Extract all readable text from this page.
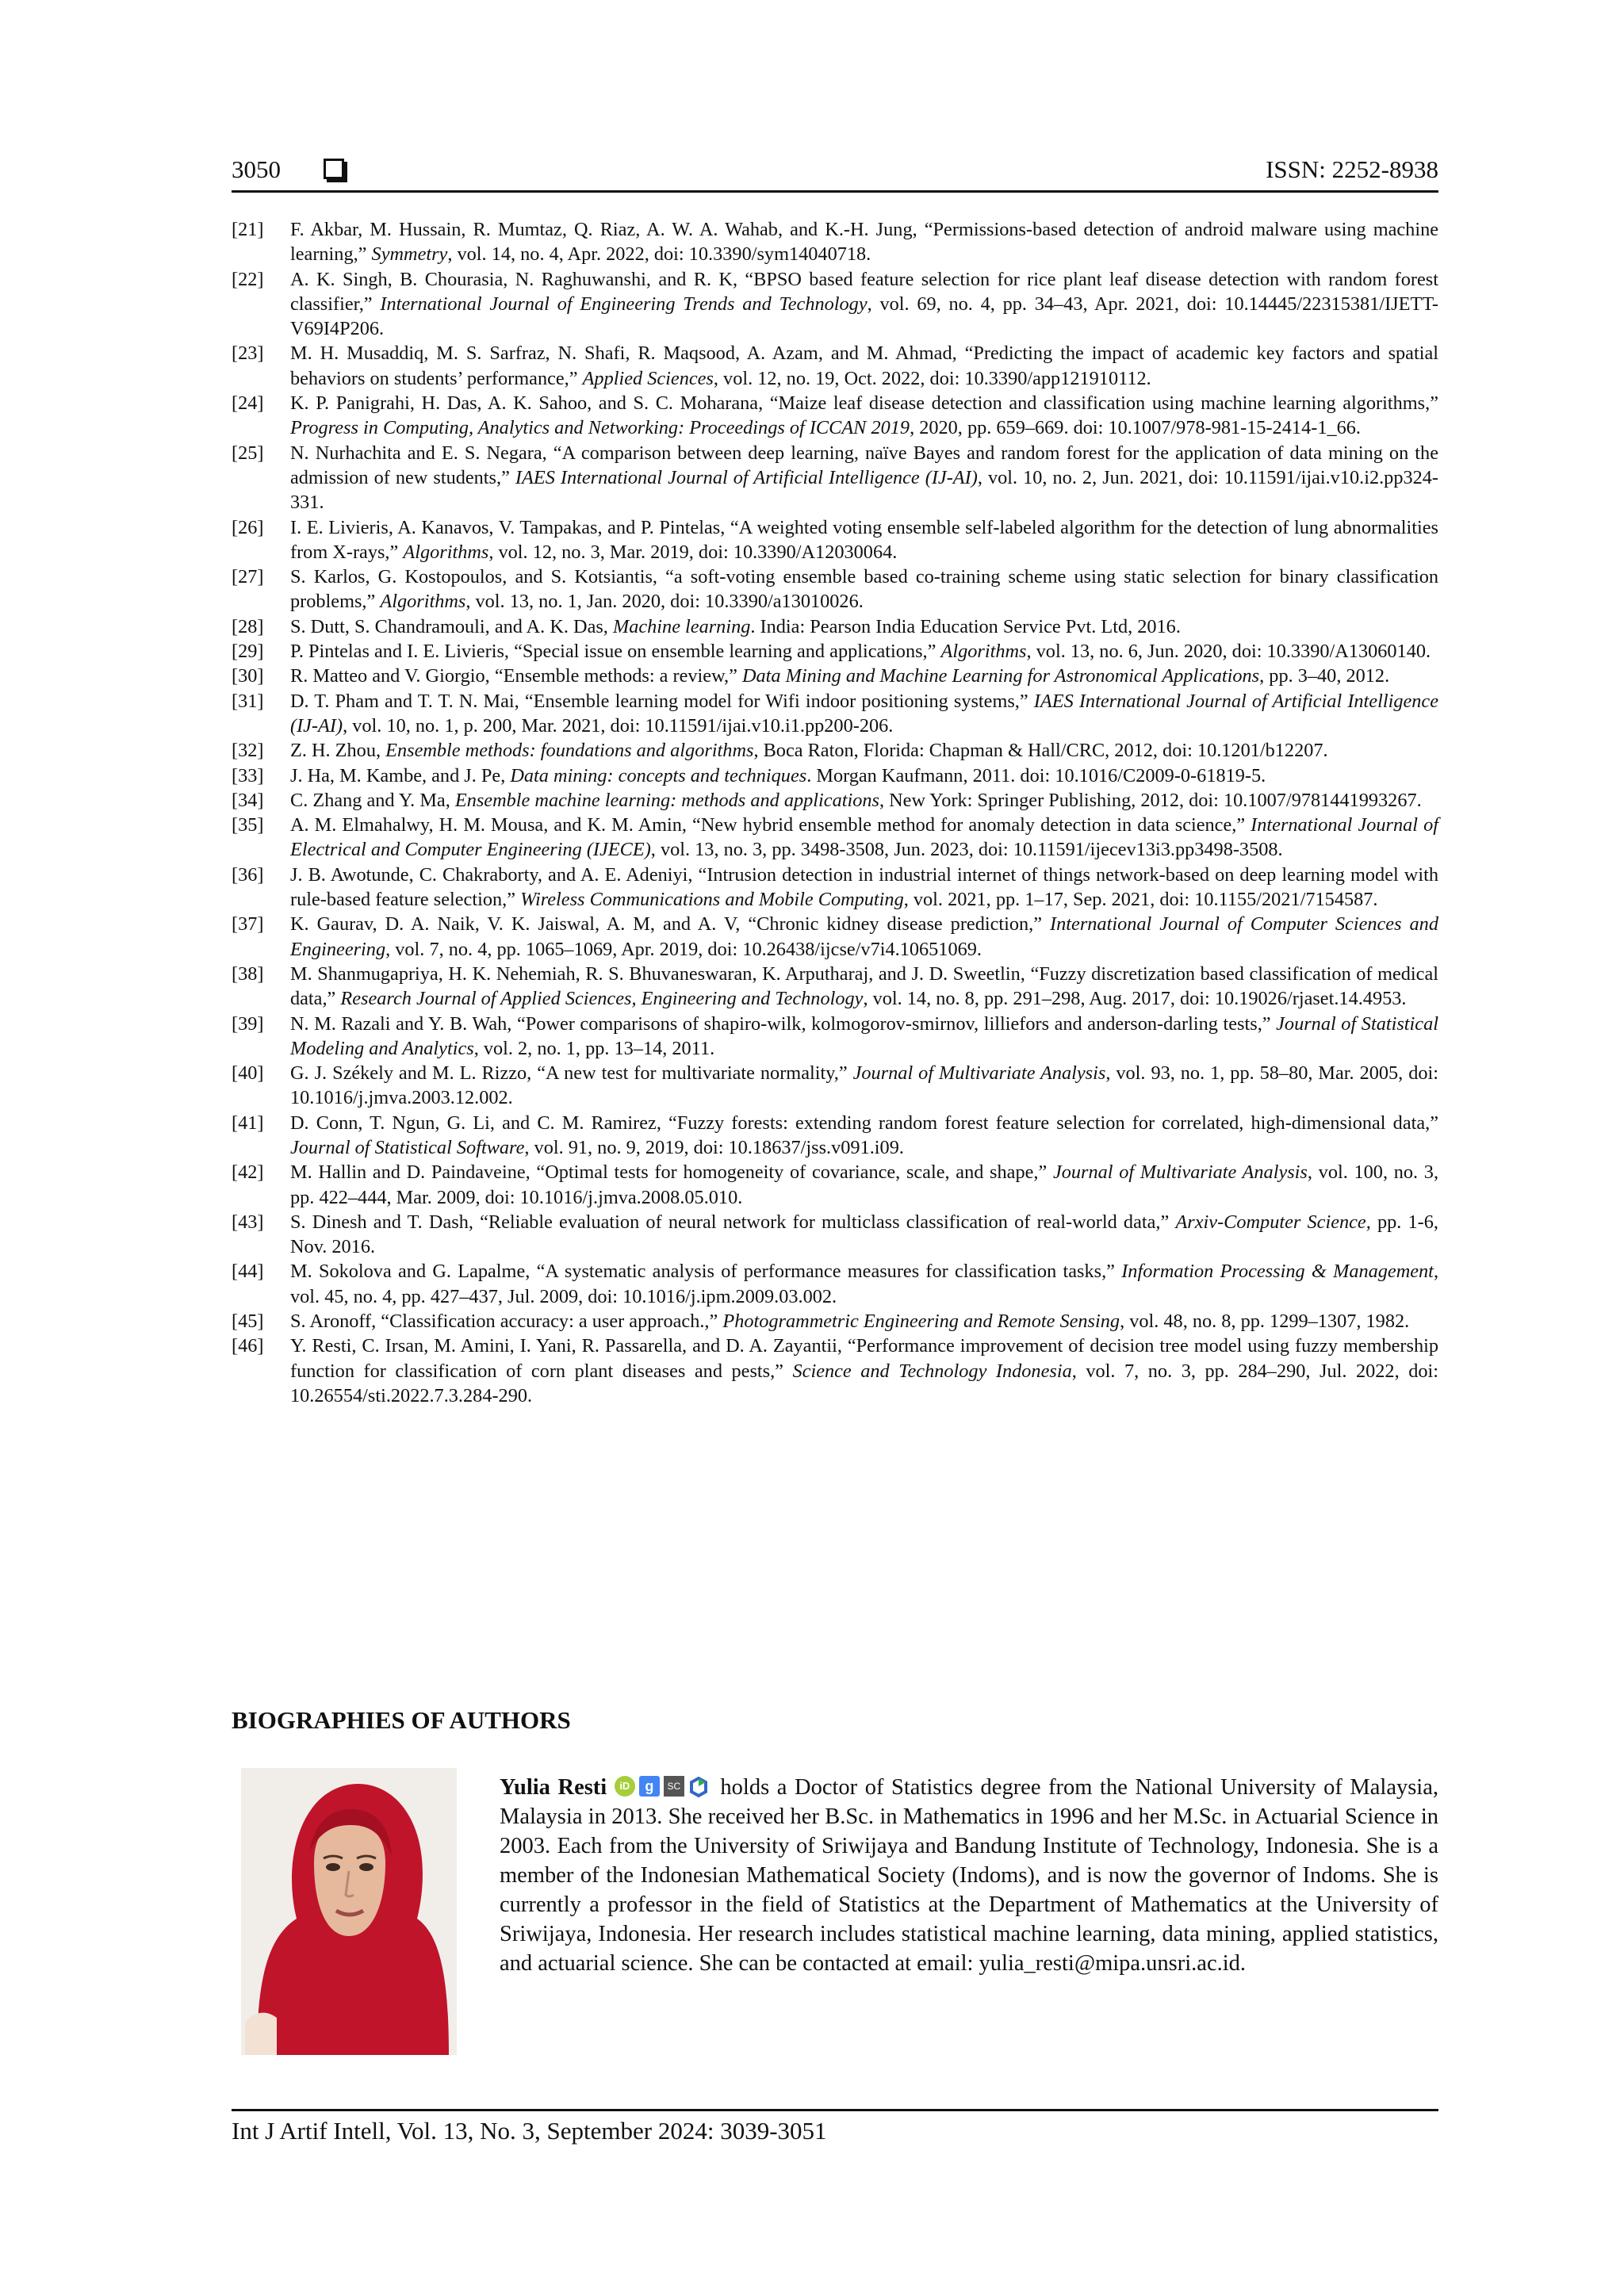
3050	ISSN: 2252-8938
[21]	F. Akbar, M. Hussain, R. Mumtaz, Q. Riaz, A. W. A. Wahab, and K.-H. Jung, “Permissions-based detection of android malware using machine learning,” Symmetry, vol. 14, no. 4, Apr. 2022, doi: 10.3390/sym14040718.
[22]	A. K. Singh, B. Chourasia, N. Raghuwanshi, and R. K, “BPSO based feature selection for rice plant leaf disease detection with random forest classifier,” International Journal of Engineering Trends and Technology, vol. 69, no. 4, pp. 34–43, Apr. 2021, doi: 10.14445/22315381/IJETT-V69I4P206.
[23]	M. H. Musaddiq, M. S. Sarfraz, N. Shafi, R. Maqsood, A. Azam, and M. Ahmad, “Predicting the impact of academic key factors and spatial behaviors on students’ performance,” Applied Sciences, vol. 12, no. 19, Oct. 2022, doi: 10.3390/app121910112.
[24]	K. P. Panigrahi, H. Das, A. K. Sahoo, and S. C. Moharana, “Maize leaf disease detection and classification using machine learning algorithms,” Progress in Computing, Analytics and Networking: Proceedings of ICCAN 2019, 2020, pp. 659–669. doi: 10.1007/978-981-15-2414-1_66.
[25]	N. Nurhachita and E. S. Negara, “A comparison between deep learning, naïve Bayes and random forest for the application of data mining on the admission of new students,” IAES International Journal of Artificial Intelligence (IJ-AI), vol. 10, no. 2, Jun. 2021, doi: 10.11591/ijai.v10.i2.pp324-331.
[26]	I. E. Livieris, A. Kanavos, V. Tampakas, and P. Pintelas, “A weighted voting ensemble self-labeled algorithm for the detection of lung abnormalities from X-rays,” Algorithms, vol. 12, no. 3, Mar. 2019, doi: 10.3390/A12030064.
[27]	S. Karlos, G. Kostopoulos, and S. Kotsiantis, “a soft-voting ensemble based co-training scheme using static selection for binary classification problems,” Algorithms, vol. 13, no. 1, Jan. 2020, doi: 10.3390/a13010026.
[28]	S. Dutt, S. Chandramouli, and A. K. Das, Machine learning. India: Pearson India Education Service Pvt. Ltd, 2016.
[29]	P. Pintelas and I. E. Livieris, “Special issue on ensemble learning and applications,” Algorithms, vol. 13, no. 6, Jun. 2020, doi: 10.3390/A13060140.
[30]	R. Matteo and V. Giorgio, “Ensemble methods: a review,” Data Mining and Machine Learning for Astronomical Applications, pp. 3–40, 2012.
[31]	D. T. Pham and T. T. N. Mai, “Ensemble learning model for Wifi indoor positioning systems,” IAES International Journal of Artificial Intelligence (IJ-AI), vol. 10, no. 1, p. 200, Mar. 2021, doi: 10.11591/ijai.v10.i1.pp200-206.
[32]	Z. H. Zhou, Ensemble methods: foundations and algorithms, Boca Raton, Florida: Chapman & Hall/CRC, 2012, doi: 10.1201/b12207.
[33]	J. Ha, M. Kambe, and J. Pe, Data mining: concepts and techniques. Morgan Kaufmann, 2011. doi: 10.1016/C2009-0-61819-5.
[34]	C. Zhang and Y. Ma, Ensemble machine learning: methods and applications, New York: Springer Publishing, 2012, doi: 10.1007/9781441993267.
[35]	A. M. Elmahalwy, H. M. Mousa, and K. M. Amin, “New hybrid ensemble method for anomaly detection in data science,” International Journal of Electrical and Computer Engineering (IJECE), vol. 13, no. 3, pp. 3498-3508, Jun. 2023, doi: 10.11591/ijecev13i3.pp3498-3508.
[36]	J. B. Awotunde, C. Chakraborty, and A. E. Adeniyi, “Intrusion detection in industrial internet of things network-based on deep learning model with rule-based feature selection,” Wireless Communications and Mobile Computing, vol. 2021, pp. 1–17, Sep. 2021, doi: 10.1155/2021/7154587.
[37]	K. Gaurav, D. A. Naik, V. K. Jaiswal, A. M, and A. V, “Chronic kidney disease prediction,” International Journal of Computer Sciences and Engineering, vol. 7, no. 4, pp. 1065–1069, Apr. 2019, doi: 10.26438/ijcse/v7i4.10651069.
[38]	M. Shanmugapriya, H. K. Nehemiah, R. S. Bhuvaneswaran, K. Arputharaj, and J. D. Sweetlin, “Fuzzy discretization based classification of medical data,” Research Journal of Applied Sciences, Engineering and Technology, vol. 14, no. 8, pp. 291–298, Aug. 2017, doi: 10.19026/rjaset.14.4953.
[39]	N. M. Razali and Y. B. Wah, “Power comparisons of shapiro-wilk, kolmogorov-smirnov, lilliefors and anderson-darling tests,” Journal of Statistical Modeling and Analytics, vol. 2, no. 1, pp. 13–14, 2011.
[40]	G. J. Székely and M. L. Rizzo, “A new test for multivariate normality,” Journal of Multivariate Analysis, vol. 93, no. 1, pp. 58–80, Mar. 2005, doi: 10.1016/j.jmva.2003.12.002.
[41]	D. Conn, T. Ngun, G. Li, and C. M. Ramirez, “Fuzzy forests: extending random forest feature selection for correlated, high-dimensional data,” Journal of Statistical Software, vol. 91, no. 9, 2019, doi: 10.18637/jss.v091.i09.
[42]	M. Hallin and D. Paindaveine, “Optimal tests for homogeneity of covariance, scale, and shape,” Journal of Multivariate Analysis, vol. 100, no. 3, pp. 422–444, Mar. 2009, doi: 10.1016/j.jmva.2008.05.010.
[43]	S. Dinesh and T. Dash, “Reliable evaluation of neural network for multiclass classification of real-world data,” Arxiv-Computer Science, pp. 1-6, Nov. 2016.
[44]	M. Sokolova and G. Lapalme, “A systematic analysis of performance measures for classification tasks,” Information Processing & Management, vol. 45, no. 4, pp. 427–437, Jul. 2009, doi: 10.1016/j.ipm.2009.03.002.
[45]	S. Aronoff, “Classification accuracy: a user approach.,” Photogrammetric Engineering and Remote Sensing, vol. 48, no. 8, pp. 1299–1307, 1982.
[46]	Y. Resti, C. Irsan, M. Amini, I. Yani, R. Passarella, and D. A. Zayantii, “Performance improvement of decision tree model using fuzzy membership function for classification of corn plant diseases and pests,” Science and Technology Indonesia, vol. 7, no. 3, pp. 284–290, Jul. 2022, doi: 10.26554/sti.2022.7.3.284-290.
BIOGRAPHIES OF AUTHORS
Yulia Resti iD g SC holds a Doctor of Statistics degree from the National University of Malaysia, Malaysia in 2013. She received her B.Sc. in Mathematics in 1996 and her M.Sc. in Actuarial Science in 2003. Each from the University of Sriwijaya and Bandung Institute of Technology, Indonesia. She is a member of the Indonesian Mathematical Society (Indoms), and is now the governor of Indoms. She is currently a professor in the field of Statistics at the Department of Mathematics at the University of Sriwijaya, Indonesia. Her research includes statistical machine learning, data mining, applied statistics, and actuarial science. She can be contacted at email: yulia_resti@mipa.unsri.ac.id.
Int J Artif Intell, Vol. 13, No. 3, September 2024: 3039-3051
